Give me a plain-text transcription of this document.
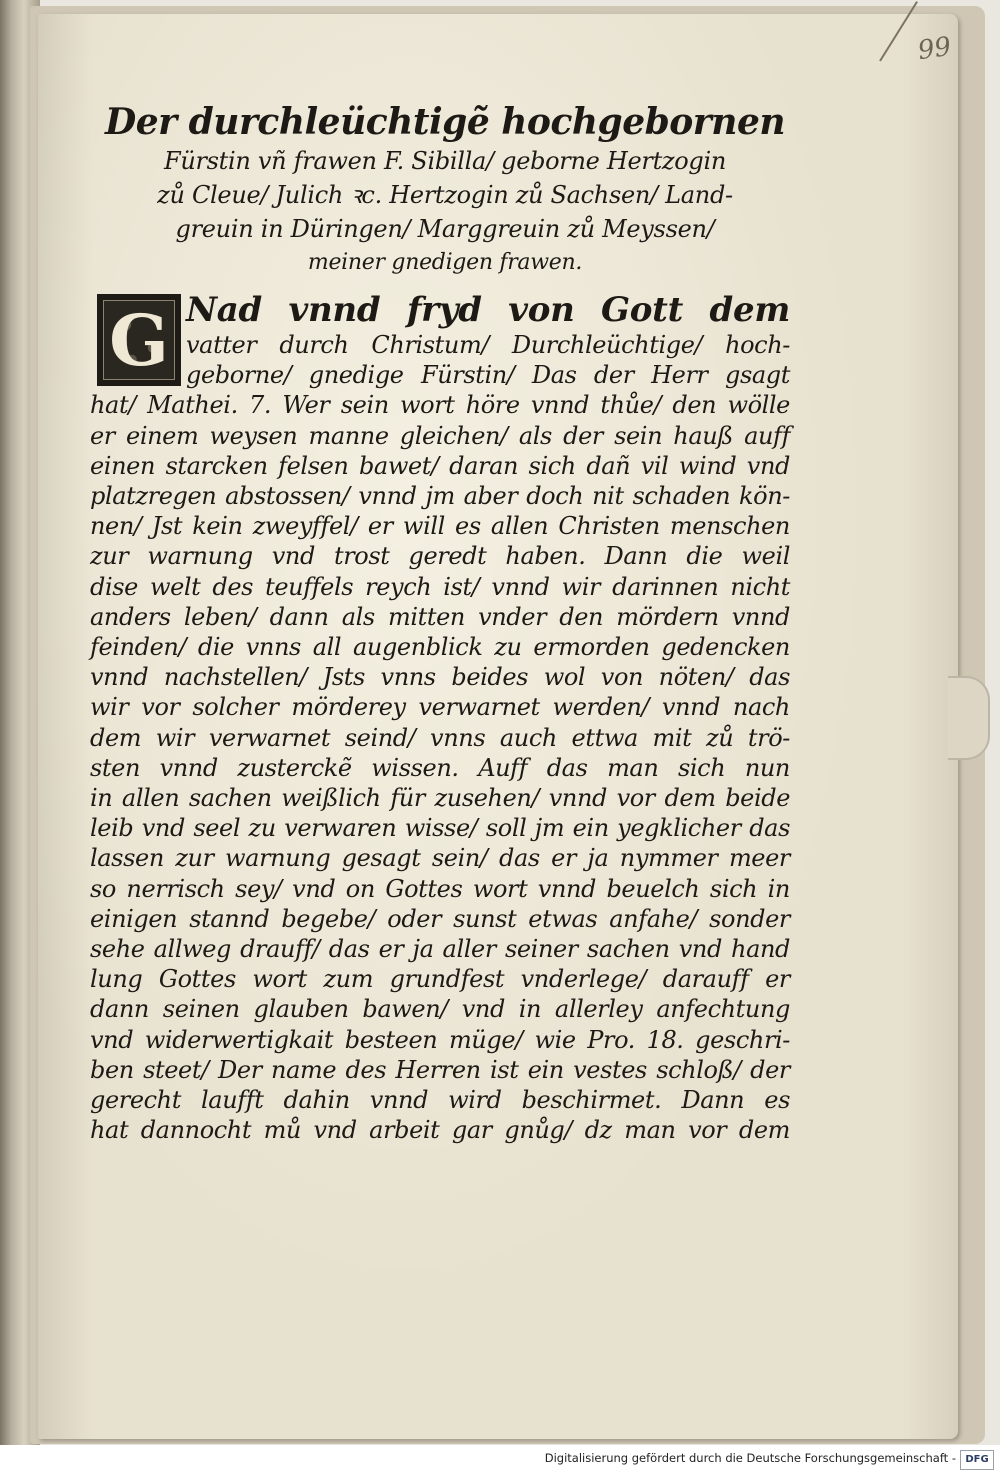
99
Der durchleüchtigẽ hochgebornen
Fürstin vñ frawen F. Sibilla/ geborne Hertzogin
zů Cleue/ Julich ꝛc. Hertzogin zů Sachsen/ Land-
greuin in Düringen/ Marggreuin zů Meyssen/
meiner gnedigen frawen.
G Nad vnnd fryd von Gott dem
vatter durch Christum/ Durchleüchtige/ hoch-
geborne/ gnedige Fürstin/ Das der Herr gsagt
hat/ Mathei. 7. Wer sein wort höre vnnd thůe/ den wölle
er einem weysen manne gleichen/ als der sein hauß auff
einen starcken felsen bawet/ daran sich dañ vil wind vnd
platzregen abstossen/ vnnd jm aber doch nit schaden kön-
nen/ Jst kein zweyffel/ er will es allen Christen menschen
zur warnung vnd trost geredt haben. Dann die weil
dise welt des teuffels reych ist/ vnnd wir darinnen nicht
anders leben/ dann als mitten vnder den mördern vnnd
feinden/ die vnns all augenblick zu ermorden gedencken
vnnd nachstellen/ Jsts vnns beides wol von nöten/ das
wir vor solcher mörderey verwarnet werden/ vnnd nach
dem wir verwarnet seind/ vnns auch ettwa mit zů trö-
sten vnnd zusterckẽ wissen. Auff das man sich nun
in allen sachen weißlich für zusehen/ vnnd vor dem beide
leib vnd seel zu verwaren wisse/ soll jm ein yegklicher das
lassen zur warnung gesagt sein/ das er ja nymmer meer
so nerrisch sey/ vnd on Gottes wort vnnd beuelch sich in
einigen stannd begebe/ oder sunst etwas anfahe/ sonder
sehe allweg drauff/ das er ja aller seiner sachen vnd hand
lung Gottes wort zum grundfest vnderlege/ darauff er
dann seinen glauben bawen/ vnd in allerley anfechtung
vnd widerwertigkait besteen müge/ wie Pro. 18. geschri-
ben steet/ Der name des Herren ist ein vestes schloß/ der
gerecht laufft dahin vnnd wird beschirmet. Dann es
hat dannocht mů vnd arbeit gar gnůg/ dz man vor dem
Digitalisierung gefördert durch die Deutsche Forschungsgemeinschaft - DFG
